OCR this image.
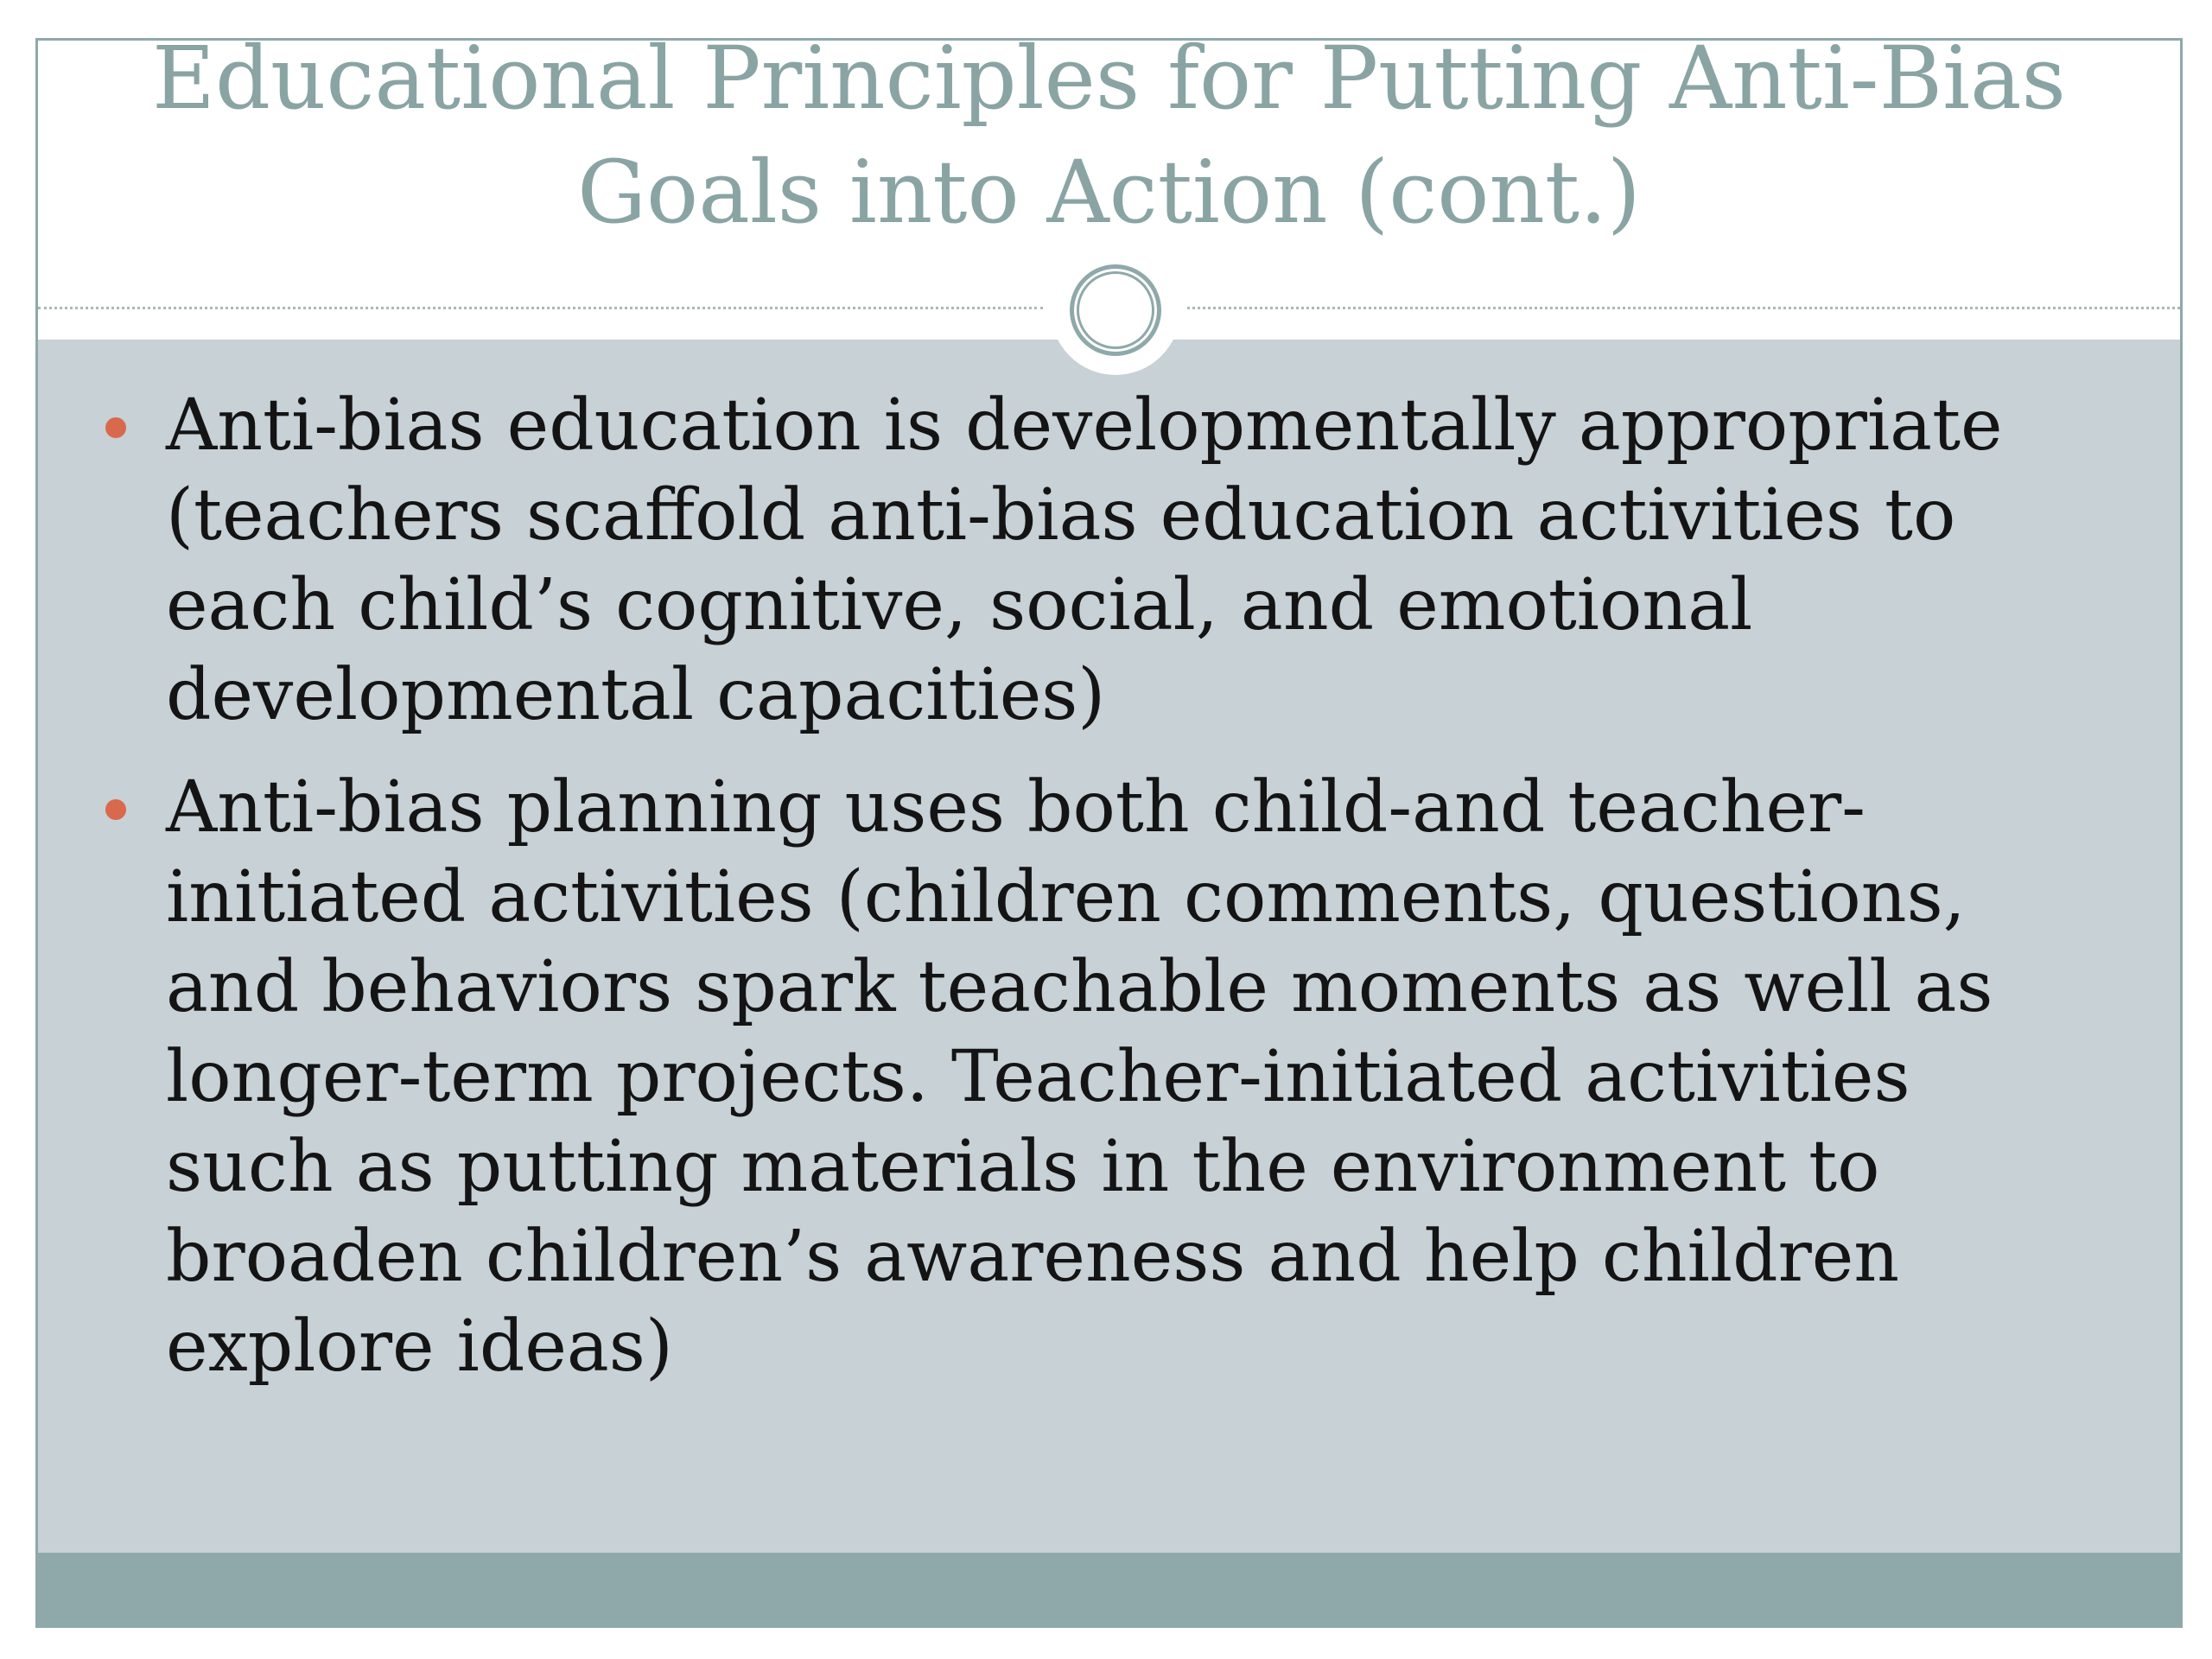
Educational Principles for Putting Anti-Bias
Goals into Action (cont.)
Anti-bias education is developmentally appropriate
(teachers scaffold anti-bias education activities to
each child’s cognitive, social, and emotional
developmental capacities)
Anti-bias planning uses both child-and teacher-
initiated activities (children comments, questions,
and behaviors spark teachable moments as well as
longer-term projects. Teacher-initiated activities
such as putting materials in the environment to
broaden children’s awareness and help children
explore ideas)
